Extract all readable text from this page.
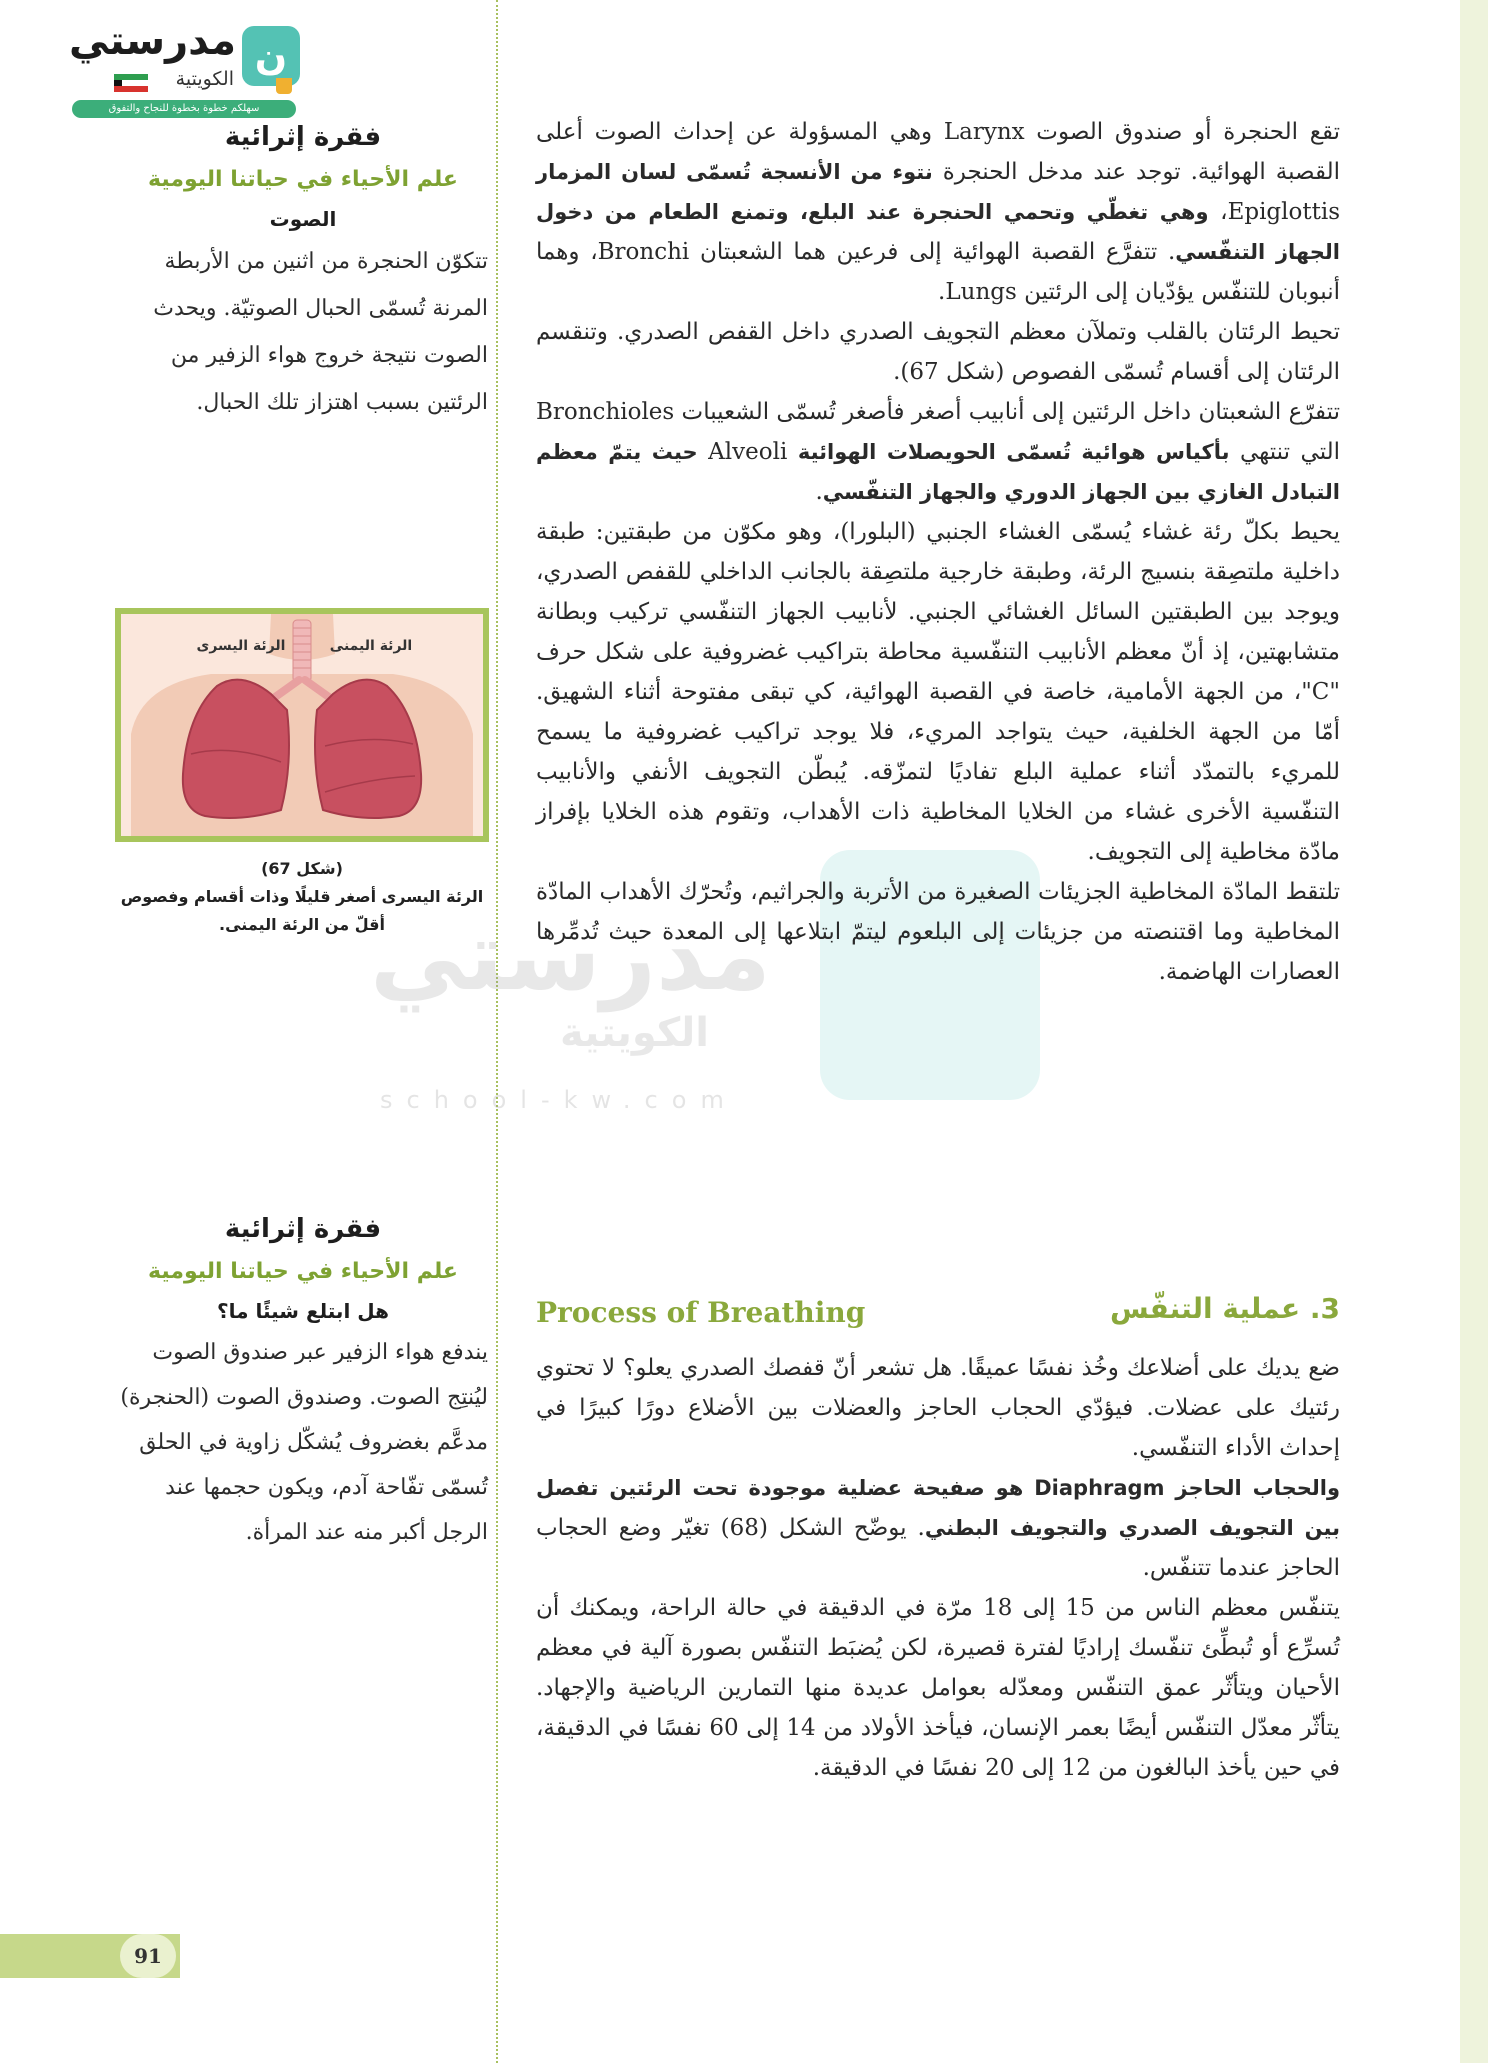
ن
مدرستي
الكويتية
سهلكم خطوة بخطوة للنجاح والتفوق
فقرة إثرائية
علم الأحياء في حياتنا اليومية
الصوت

تتكوّن الحنجرة من اثنين من الأربطة المرنة تُسمّى الحبال الصوتيّة. ويحدث الصوت نتيجة خروج هواء الزفير من الرئتين بسبب اهتزاز تلك الحبال.

الرئة اليسرى	الرئة اليمنى
(شكل 67)
الرئة اليسرى أصغر قليلًا وذات أقسام وفصوص أقلّ من الرئة اليمنى.
فقرة إثرائية
علم الأحياء في حياتنا اليومية
هل ابتلع شيئًا ما؟

يندفع هواء الزفير عبر صندوق الصوت ليُنتِج الصوت. وصندوق الصوت (الحنجرة) مدعَّم بغضروف يُشكّل زاوية في الحلق تُسمّى تفّاحة آدم، ويكون حجمها عند الرجل أكبر منه عند المرأة.

مدرستي
الكويتية
school-kw.com

تقع الحنجرة أو صندوق الصوت Larynx وهي المسؤولة عن إحداث الصوت أعلى القصبة الهوائية. توجد عند مدخل الحنجرة نتوء من الأنسجة تُسمّى لسان المزمار Epiglottis، وهي تغطّي وتحمي الحنجرة عند البلع، وتمنع الطعام من دخول الجهاز التنفّسي. تتفرَّع القصبة الهوائية إلى فرعين هما الشعبتان Bronchi، وهما أنبوبان للتنفّس يؤدّيان إلى الرئتين Lungs.

تحيط الرئتان بالقلب وتملآن معظم التجويف الصدري داخل القفص الصدري. وتنقسم الرئتان إلى أقسام تُسمّى الفصوص (شكل 67).

تتفرّع الشعبتان داخل الرئتين إلى أنابيب أصغر فأصغر تُسمّى الشعيبات Bronchioles التي تنتهي بأكياس هوائية تُسمّى الحويصلات الهوائية Alveoli حيث يتمّ معظم التبادل الغازي بين الجهاز الدوري والجهاز التنفّسي.

يحيط بكلّ رئة غشاء يُسمّى الغشاء الجنبي (البلورا)، وهو مكوّن من طبقتين: طبقة داخلية ملتصِقة بنسيج الرئة، وطبقة خارجية ملتصِقة بالجانب الداخلي للقفص الصدري، ويوجد بين الطبقتين السائل الغشائي الجنبي. لأنابيب الجهاز التنفّسي تركيب وبطانة متشابهتين، إذ أنّ معظم الأنابيب التنفّسية محاطة بتراكيب غضروفية على شكل حرف "C"، من الجهة الأمامية، خاصة في القصبة الهوائية، كي تبقى مفتوحة أثناء الشهيق. أمّا من الجهة الخلفية، حيث يتواجد المريء، فلا يوجد تراكيب غضروفية ما يسمح للمريء بالتمدّد أثناء عملية البلع تفاديًا لتمزّقه. يُبطّن التجويف الأنفي والأنابيب التنفّسية الأخرى غشاء من الخلايا المخاطية ذات الأهداب، وتقوم هذه الخلايا بإفراز مادّة مخاطية إلى التجويف.

تلتقط المادّة المخاطية الجزيئات الصغيرة من الأتربة والجراثيم، وتُحرّك الأهداب المادّة المخاطية وما اقتنصته من جزيئات إلى البلعوم ليتمّ ابتلاعها إلى المعدة حيث تُدمِّرها العصارات الهاضمة.

3. عملية التنفّس
Process of Breathing

ضع يديك على أضلاعك وخُذ نفسًا عميقًا. هل تشعر أنّ قفصك الصدري يعلو؟ لا تحتوي رئتيك على عضلات. فيؤدّي الحجاب الحاجز والعضلات بين الأضلاع دورًا كبيرًا في إحداث الأداء التنفّسي.

والحجاب الحاجز Diaphragm هو صفيحة عضلية موجودة تحت الرئتين تفصل بين التجويف الصدري والتجويف البطني. يوضّح الشكل (68) تغيّر وضع الحجاب الحاجز عندما تتنفّس.

يتنفّس معظم الناس من 15 إلى 18 مرّة في الدقيقة في حالة الراحة، ويمكنك أن تُسرِّع أو تُبطِّئ تنفّسك إراديًا لفترة قصيرة، لكن يُضبَط التنفّس بصورة آلية في معظم الأحيان ويتأثّر عمق التنفّس ومعدّله بعوامل عديدة منها التمارين الرياضية والإجهاد. يتأثّر معدّل التنفّس أيضًا بعمر الإنسان، فيأخذ الأولاد من 14 إلى 60 نفسًا في الدقيقة، في حين يأخذ البالغون من 12 إلى 20 نفسًا في الدقيقة.

91
